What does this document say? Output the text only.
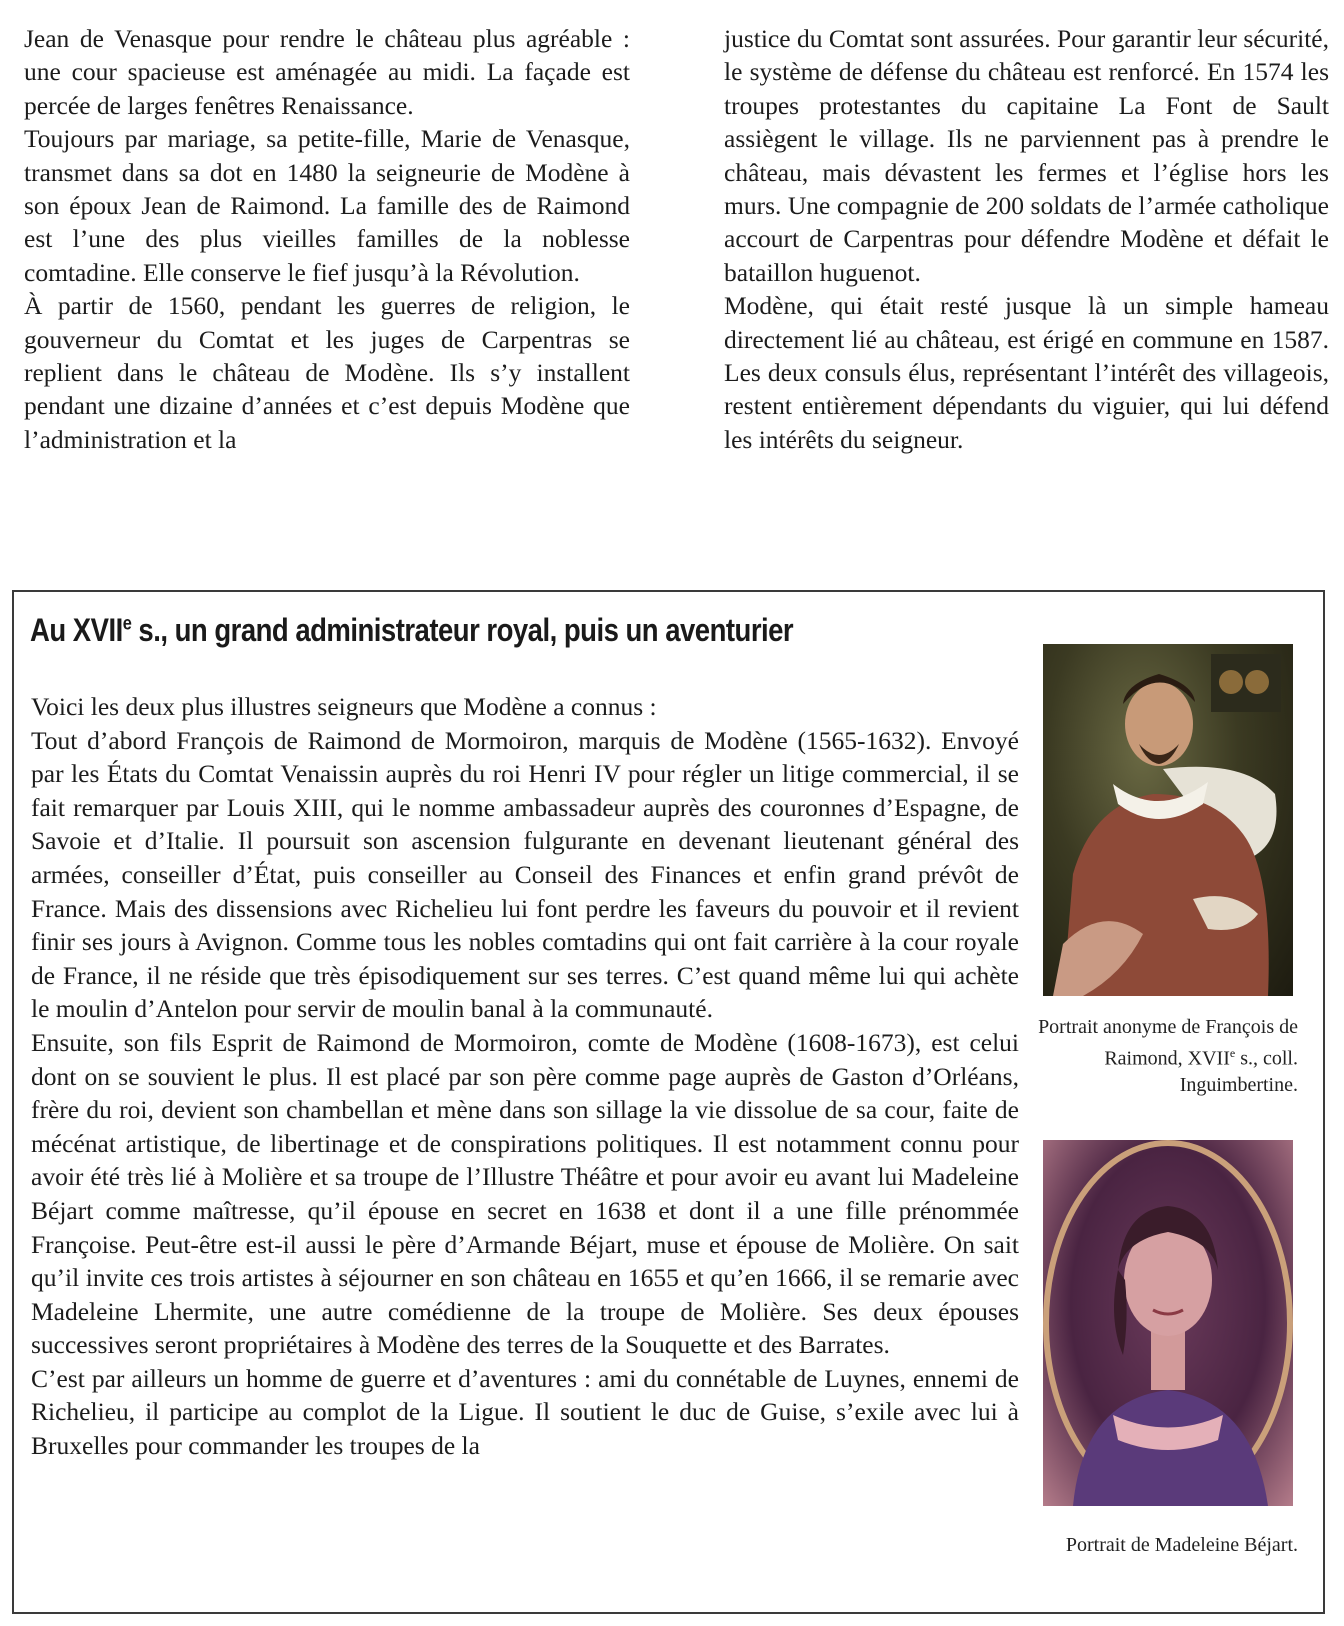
Jean de Venasque pour rendre le château plus agréable : une cour spacieuse est aménagée au midi. La façade est percée de larges fenêtres Renaissance.

Toujours par mariage, sa petite-fille, Marie de Venasque, transmet dans sa dot en 1480 la seigneurie de Modène à son époux Jean de Raimond. La famille des de Raimond est l’une des plus vieilles familles de la noblesse comtadine. Elle conserve le fief jusqu’à la Révolution.

À partir de 1560, pendant les guerres de religion, le gouverneur du Comtat et les juges de Carpentras se replient dans le château de Modène. Ils s’y installent pendant une dizaine d’années et c’est depuis Modène que l’administration et la

justice du Comtat sont assurées. Pour garantir leur sécurité, le système de défense du château est renforcé. En 1574 les troupes protestantes du capitaine La Font de Sault assiègent le village. Ils ne parviennent pas à prendre le château, mais dévastent les fermes et l’église hors les murs. Une compagnie de 200 soldats de l’armée catholique accourt de Carpentras pour défendre Modène et défait le bataillon huguenot.

Modène, qui était resté jusque là un simple hameau directement lié au château, est érigé en commune en 1587. Les deux consuls élus, représentant l’intérêt des villageois, restent entièrement dépendants du viguier, qui lui défend les intérêts du seigneur.

Au XVIIe s., un grand administrateur royal, puis un aventurier

Voici les deux plus illustres seigneurs que Modène a connus :

Tout d’abord François de Raimond de Mormoiron, marquis de Modène (1565-1632). Envoyé par les États du Comtat Venaissin auprès du roi Henri IV pour régler un litige commercial, il se fait remarquer par Louis XIII, qui le nomme ambassadeur auprès des couronnes d’Espagne, de Savoie et d’Italie. Il poursuit son ascension fulgurante en devenant lieutenant général des armées, conseiller d’État, puis conseiller au Conseil des Finances et enfin grand prévôt de France. Mais des dissensions avec Richelieu lui font perdre les faveurs du pouvoir et il revient finir ses jours à Avignon. Comme tous les nobles comtadins qui ont fait carrière à la cour royale de France, il ne réside que très épisodiquement sur ses terres. C’est quand même lui qui achète le moulin d’Antelon pour servir de moulin banal à la communauté.

Ensuite, son fils Esprit de Raimond de Mormoiron, comte de Modène (1608-1673), est celui dont on se souvient le plus. Il est placé par son père comme page auprès de Gaston d’Orléans, frère du roi, devient son chambellan et mène dans son sillage la vie dissolue de sa cour, faite de mécénat artistique, de libertinage et de conspirations politiques. Il est notamment connu pour avoir été très lié à Molière et sa troupe de l’Illustre Théâtre et pour avoir eu avant lui Madeleine Béjart comme maîtresse, qu’il épouse en secret en 1638 et dont il a une fille prénommée Françoise. Peut-être est-il aussi le père d’Armande Béjart, muse et épouse de Molière. On sait qu’il invite ces trois artistes à séjourner en son château en 1655 et qu’en 1666, il se remarie avec Madeleine Lhermite, une autre comédienne de la troupe de Molière. Ses deux épouses successives seront propriétaires à Modène des terres de la Souquette et des Barrates.

C’est par ailleurs un homme de guerre et d’aventures : ami du connétable de Luynes, ennemi de Richelieu, il participe au complot de la Ligue. Il soutient le duc de Guise, s’exile avec lui à Bruxelles pour commander les troupes de la

Portrait anonyme de François de Raimond, XVIIe s., coll. Inguimbertine.
Portrait de Madeleine Béjart.
